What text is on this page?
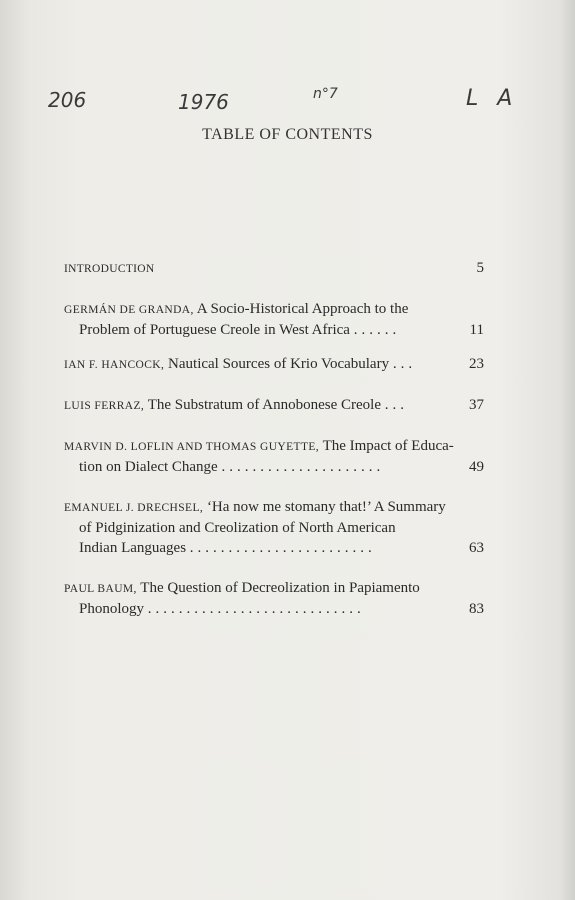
206	1976	n°7	L A
TABLE OF CONTENTS
INTRODUCTION	5
GERMÁN DE GRANDA, A Socio-Historical Approach to the
Problem of Portuguese Creole in West Africa ......	11
IAN F. HANCOCK, Nautical Sources of Krio Vocabulary ...	23
LUIS FERRAZ, The Substratum of Annobonese Creole ...	37
MARVIN D. LOFLIN AND THOMAS GUYETTE, The Impact of Educa-
tion on Dialect Change .....................	49
EMANUEL J. DRECHSEL, ‘Ha now me stomany that!’ A Summary
of Pidginization and Creolization of North American
Indian Languages ........................	63
PAUL BAUM, The Question of Decreolization in Papiamento
Phonology ............................	83
